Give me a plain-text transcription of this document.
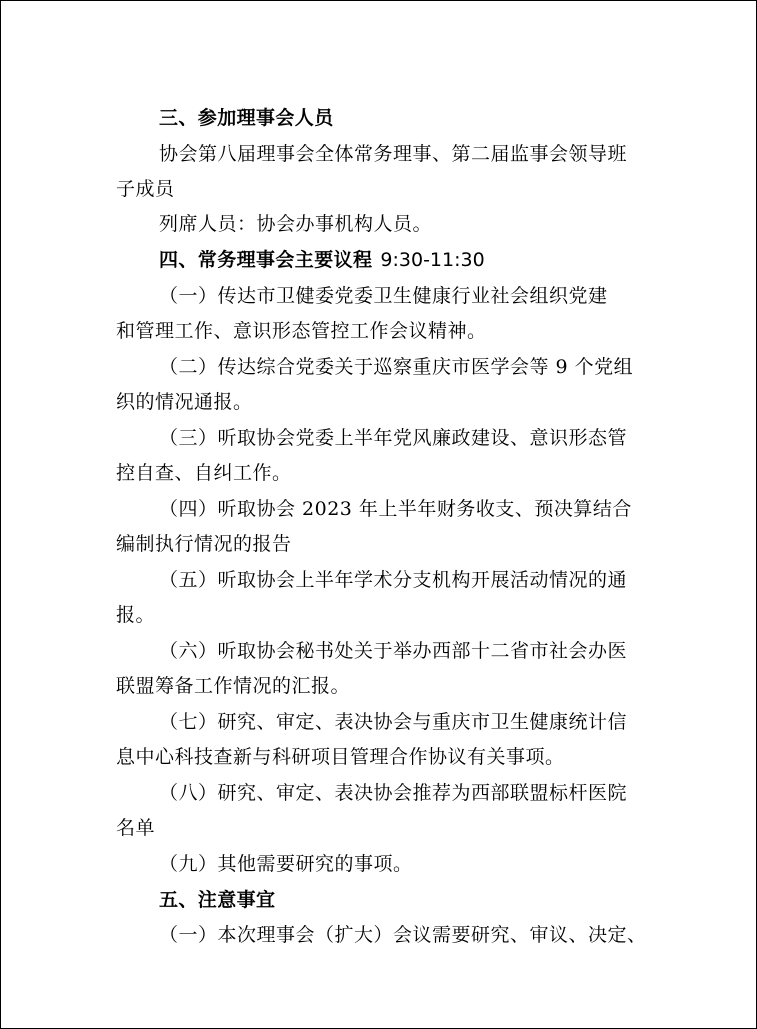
三、参加理事会人员
协会第八届理事会全体常务理事、第二届监事会领导班
子成员
列席人员：协会办事机构人员。
四、常务理事会主要议程 9:30-11:30
（一）传达市卫健委党委卫生健康行业社会组织党建
和管理工作、意识形态管控工作会议精神。
（二）传达综合党委关于巡察重庆市医学会等 9 个党组
织的情况通报。
（三）听取协会党委上半年党风廉政建设、意识形态管
控自查、自纠工作。
（四）听取协会 2023 年上半年财务收支、预决算结合
编制执行情况的报告
（五）听取协会上半年学术分支机构开展活动情况的通
报。
（六）听取协会秘书处关于举办西部十二省市社会办医
联盟筹备工作情况的汇报。
（七）研究、审定、表决协会与重庆市卫生健康统计信
息中心科技查新与科研项目管理合作协议有关事项。
（八）研究、审定、表决协会推荐为西部联盟标杆医院
名单
（九）其他需要研究的事项。
五、注意事宜
（一）本次理事会（扩大）会议需要研究、审议、决定、
